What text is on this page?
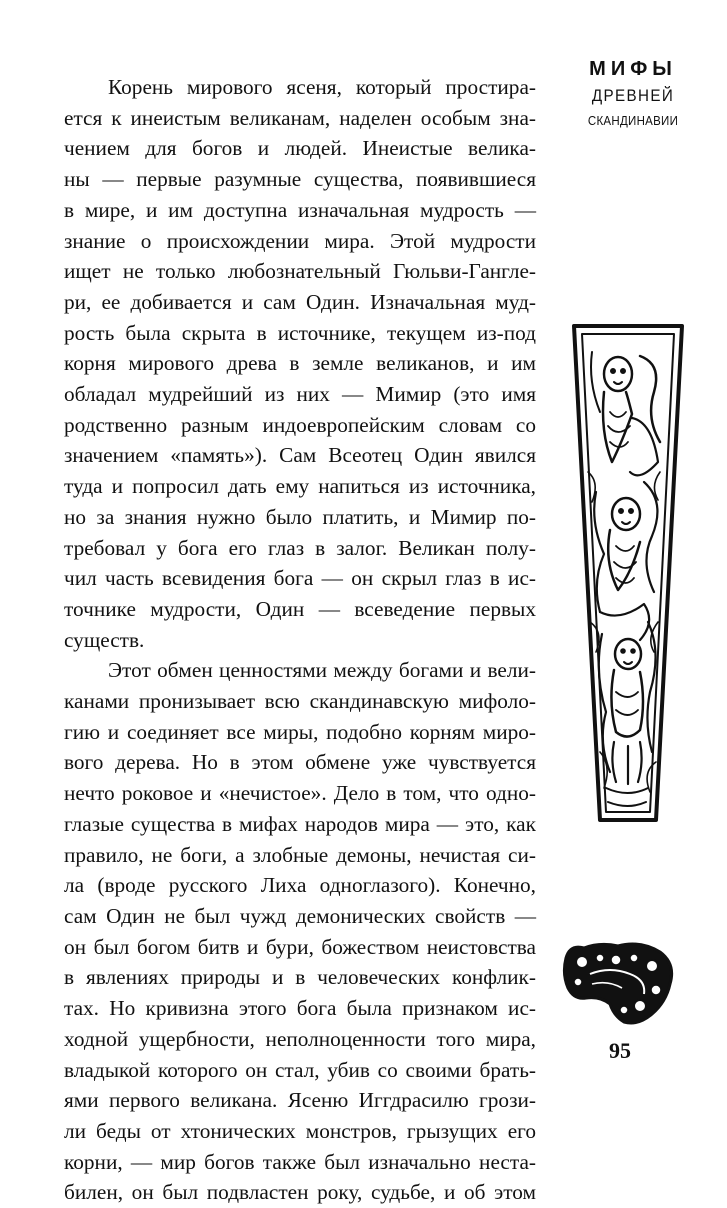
Корень мирового ясеня, который простира-
ется к инеистым великанам, наделен особым зна-
чением для богов и людей. Инеистые велика-
ны — первые разумные существа, появившиеся
в мире, и им доступна изначальная мудрость —
знание о происхождении мира. Этой мудрости
ищет не только любознательный Гюльви-Гангле-
ри, ее добивается и сам Один. Изначальная муд-
рость была скрыта в источнике, текущем из-под
корня мирового древа в земле великанов, и им
обладал мудрейший из них — Мимир (это имя
родственно разным индоевропейским словам со
значением «память»). Сам Всеотец Один явился
туда и попросил дать ему напиться из источника,
но за знания нужно было платить, и Мимир по-
требовал у бога его глаз в залог. Великан полу-
чил часть всевидения бога — он скрыл глаз в ис-
точнике мудрости, Один — всеведение первых
существ.
Этот обмен ценностями между богами и вели-
канами пронизывает всю скандинавскую мифоло-
гию и соединяет все миры, подобно корням миро-
вого дерева. Но в этом обмене уже чувствуется
нечто роковое и «нечистое». Дело в том, что одно-
глазые существа в мифах народов мира — это, как
правило, не боги, а злобные демоны, нечистая си-
ла (вроде русского Лиха одноглазого). Конечно,
сам Один не был чужд демонических свойств —
он был богом битв и бури, божеством неистовства
в явлениях природы и в человеческих конфлик-
тах. Но кривизна этого бога была признаком ис-
ходной ущербности, неполноценности того мира,
владыкой которого он стал, убив со своими брать-
ями первого великана. Ясеню Иггдрасилю грози-
ли беды от хтонических монстров, грызущих его
корни, — мир богов также был изначально неста-
билен, он был подвластен року, судьбе, и об этом
МИФЫ
ДРЕВНЕЙ
СКАНДИНАВИИ
95
